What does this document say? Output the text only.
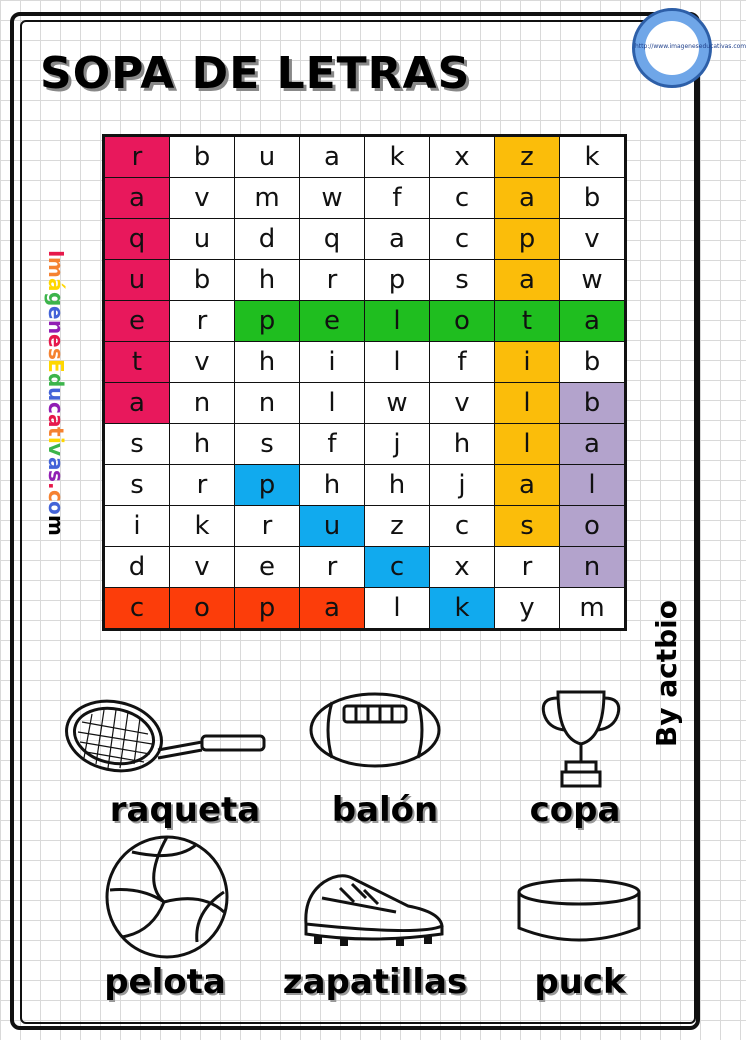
SOPA DE LETRAS
http://www.imageneseducativas.com
ImágenesEducativas.com
r	b	u	a	k	x	z	k
a	v	m	w	f	c	a	b
q	u	d	q	a	c	p	v
u	b	h	r	p	s	a	w
e	r	p	e	l	o	t	a
t	v	h	i	l	f	i	b
a	n	n	l	w	v	l	b
s	h	s	f	j	h	l	a
s	r	p	h	h	j	a	l
i	k	r	u	z	c	s	o
d	v	e	r	c	x	r	n
c	o	p	a	l	k	y	m By actbio
raqueta	balón	copa
pelota	zapatillas	puck
